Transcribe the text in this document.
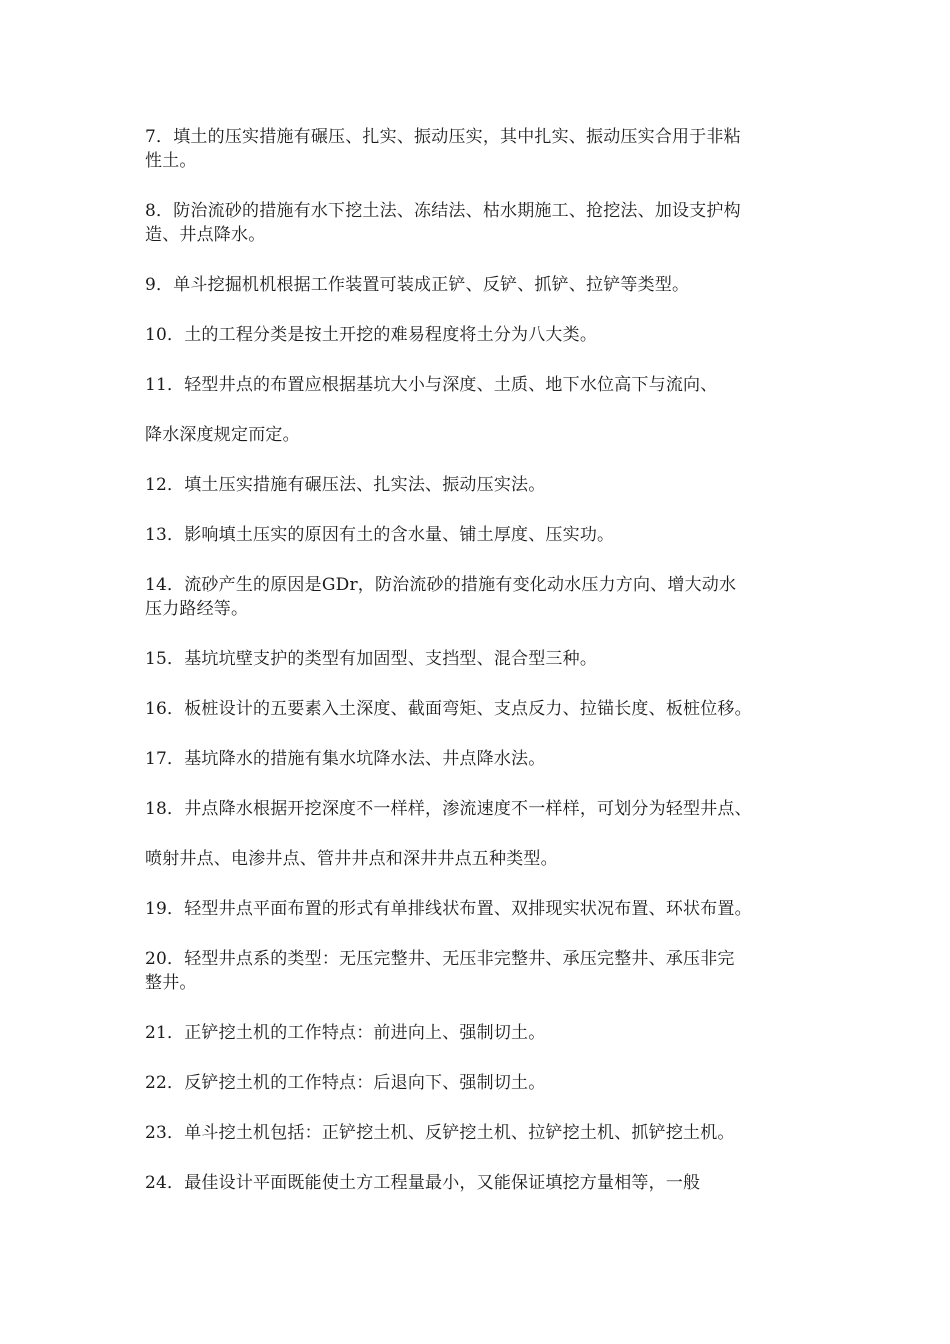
7．填土的压实措施有碾压、扎实、振动压实，其中扎实、振动压实合用于非粘
性土。
8．防治流砂的措施有水下挖土法、冻结法、枯水期施工、抢挖法、加设支护构
造、井点降水。
9．单斗挖掘机机根据工作装置可装成正铲、反铲、抓铲、拉铲等类型。
10．土的工程分类是按土开挖的难易程度将土分为八大类。
11．轻型井点的布置应根据基坑大小与深度、土质、地下水位高下与流向、
降水深度规定而定。
12．填土压实措施有碾压法、扎实法、振动压实法。
13．影响填土压实的原因有土的含水量、铺土厚度、压实功。
14．流砂产生的原因是GDr，防治流砂的措施有变化动水压力方向、增大动水
压力路经等。
15．基坑坑壁支护的类型有加固型、支挡型、混合型三种。
16．板桩设计的五要素入土深度、截面弯矩、支点反力、拉锚长度、板桩位移。
17．基坑降水的措施有集水坑降水法、井点降水法。
18．井点降水根据开挖深度不一样样，渗流速度不一样样，可划分为轻型井点、
喷射井点、电渗井点、管井井点和深井井点五种类型。
19．轻型井点平面布置的形式有单排线状布置、双排现实状况布置、环状布置。
20．轻型井点系的类型：无压完整井、无压非完整井、承压完整井、承压非完
整井。
21．正铲挖土机的工作特点：前进向上、强制切土。
22．反铲挖土机的工作特点：后退向下、强制切土。
23．单斗挖土机包括：正铲挖土机、反铲挖土机、拉铲挖土机、抓铲挖土机。
24．最佳设计平面既能使土方工程量最小，又能保证填挖方量相等，一般
